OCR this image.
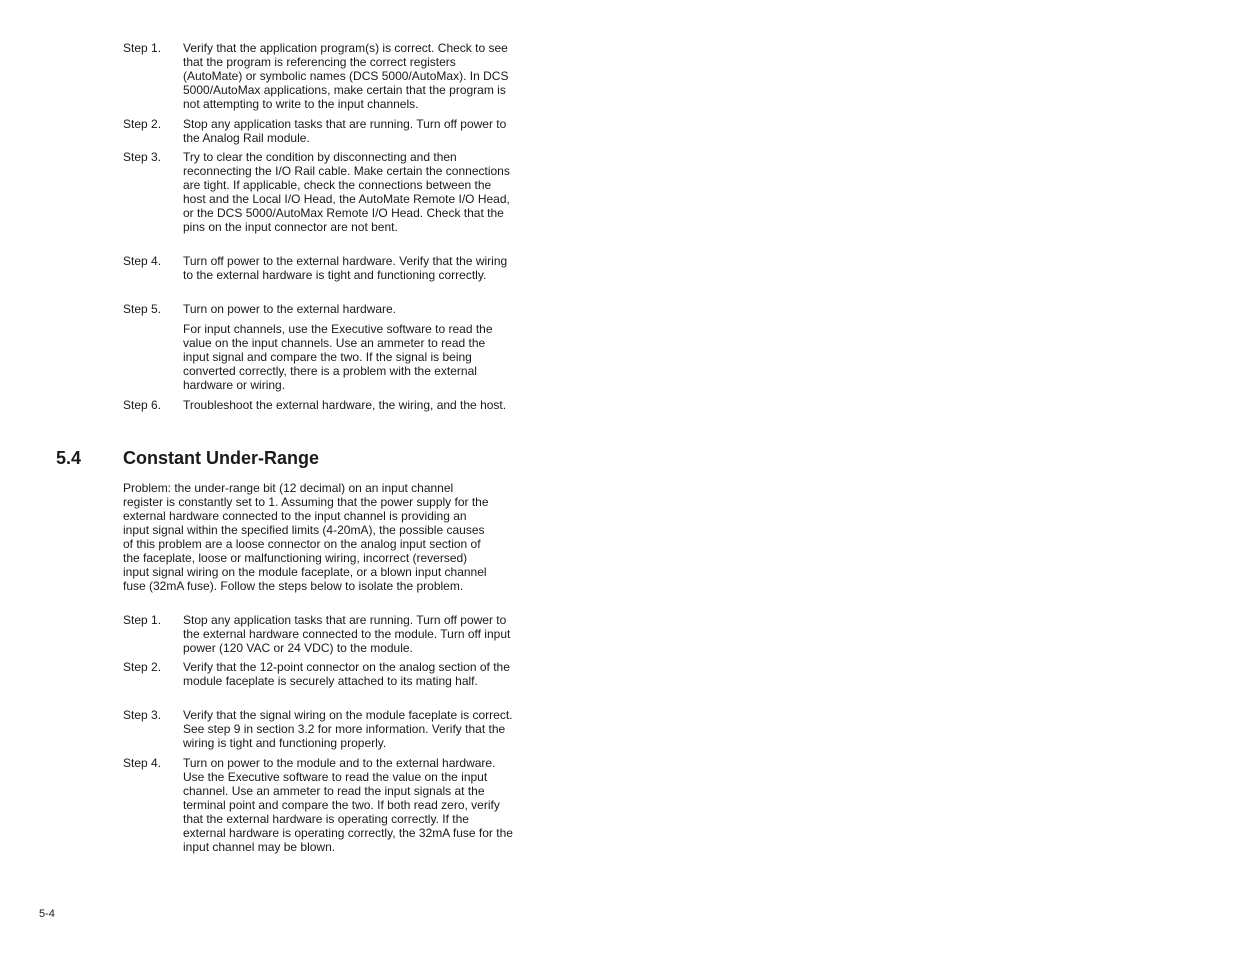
Step 1.	Verify that the application program(s) is correct. Check to see that the program is referencing the correct registers (AutoMate) or symbolic names (DCS 5000/AutoMax). In DCS 5000/AutoMax applications, make certain that the program is not attempting to write to the input channels.
Step 2.	Stop any application tasks that are running. Turn off power to the Analog Rail module.
Step 3.	Try to clear the condition by disconnecting and then reconnecting the I/O Rail cable. Make certain the connections are tight. If applicable, check the connections between the host and the Local I/O Head, the AutoMate Remote I/O Head, or the DCS 5000/AutoMax Remote I/O Head. Check that the pins on the input connector are not bent.
Step 4.	Turn off power to the external hardware. Verify that the wiring to the external hardware is tight and functioning correctly.
Step 5.	Turn on power to the external hardware.
For input channels, use the Executive software to read the value on the input channels. Use an ammeter to read the input signal and compare the two. If the signal is being converted correctly, there is a problem with the external hardware or wiring.
Step 6.	Troubleshoot the external hardware, the wiring, and the host.
5.4 Constant Under-Range
Problem: the under-range bit (12 decimal) on an input channel register is constantly set to 1. Assuming that the power supply for the external hardware connected to the input channel is providing an input signal within the specified limits (4-20mA), the possible causes of this problem are a loose connector on the analog input section of the faceplate, loose or malfunctioning wiring, incorrect (reversed) input signal wiring on the module faceplate, or a blown input channel fuse (32mA fuse). Follow the steps below to isolate the problem.
Step 1.	Stop any application tasks that are running. Turn off power to the external hardware connected to the module. Turn off input power (120 VAC or 24 VDC) to the module.
Step 2.	Verify that the 12-point connector on the analog section of the module faceplate is securely attached to its mating half.
Step 3.	Verify that the signal wiring on the module faceplate is correct. See step 9 in section 3.2 for more information. Verify that the wiring is tight and functioning properly.
Step 4.	Turn on power to the module and to the external hardware. Use the Executive software to read the value on the input channel. Use an ammeter to read the input signals at the terminal point and compare the two. If both read zero, verify that the external hardware is operating correctly. If the external hardware is operating correctly, the 32mA fuse for the input channel may be blown.
5-4
